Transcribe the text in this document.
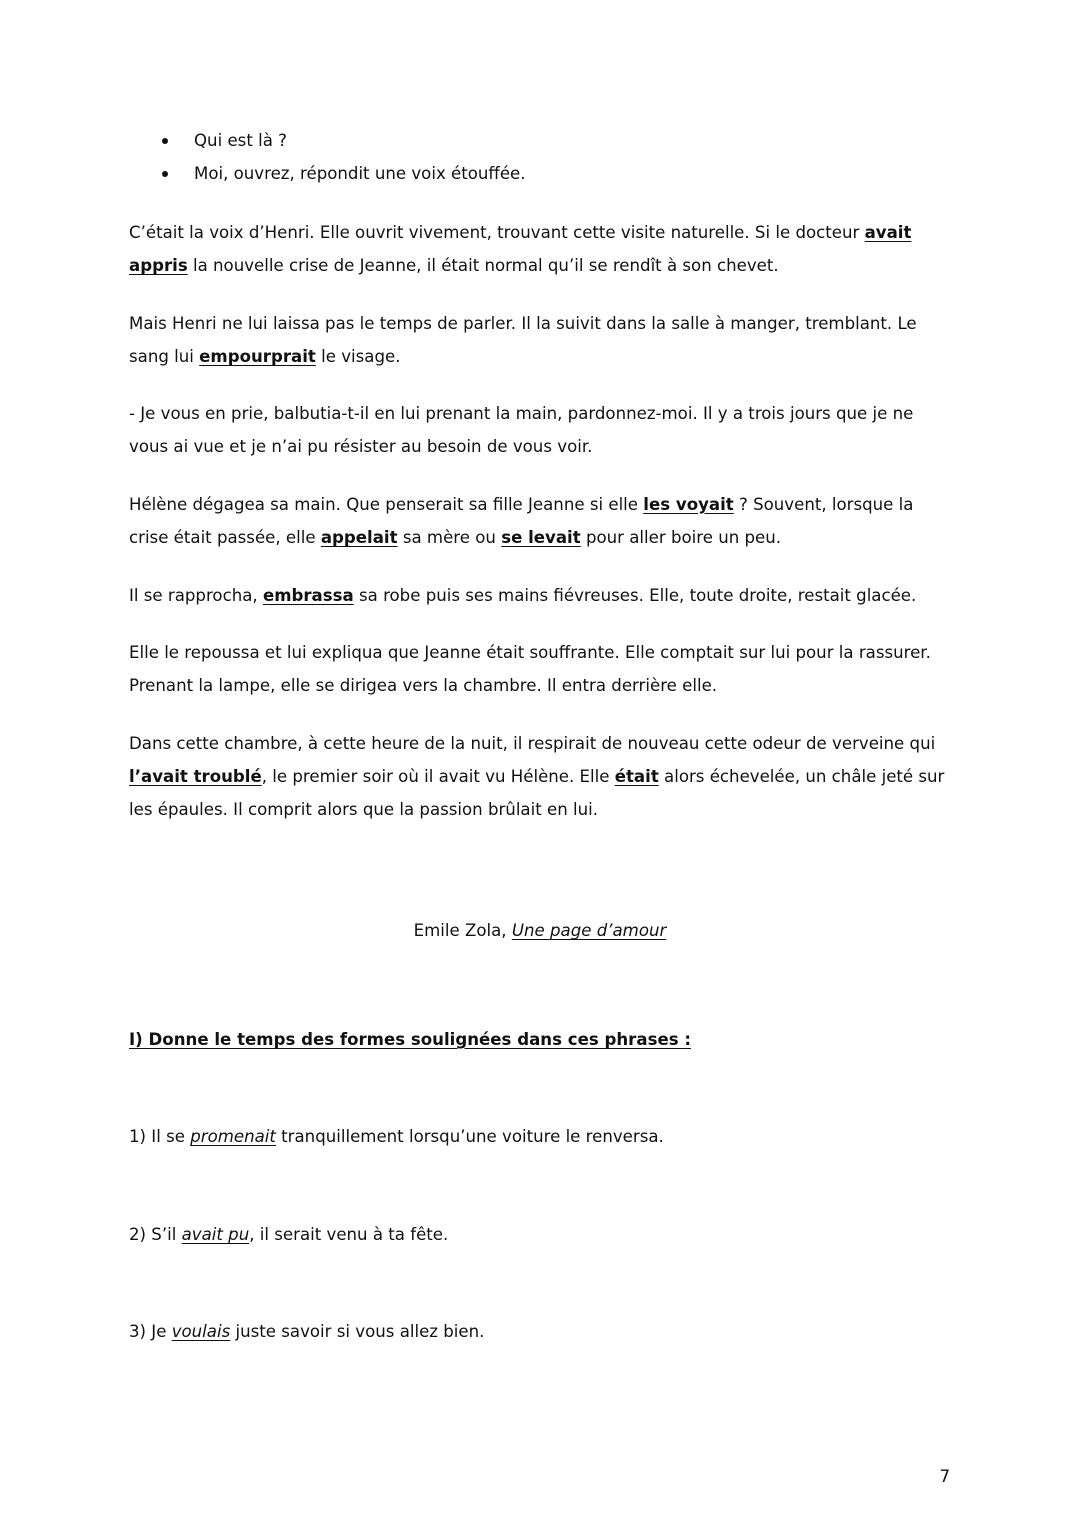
Qui est là ?
Moi, ouvrez, répondit une voix étouffée.

C’était la voix d’Henri. Elle ouvrit vivement, trouvant cette visite naturelle. Si le docteur avait appris la nouvelle crise de Jeanne, il était normal qu’il se rendît à son chevet.

Mais Henri ne lui laissa pas le temps de parler. Il la suivit dans la salle à manger, tremblant. Le sang lui empourprait le visage.

- Je vous en prie, balbutia-t-il en lui prenant la main, pardonnez-moi. Il y a trois jours que je ne vous ai vue et je n’ai pu résister au besoin de vous voir.

Hélène dégagea sa main. Que penserait sa fille Jeanne si elle les voyait ? Souvent, lorsque la crise était passée, elle appelait sa mère ou se levait pour aller boire un peu.

Il se rapprocha, embrassa sa robe puis ses mains fiévreuses. Elle, toute droite, restait glacée.

Elle le repoussa et lui expliqua que Jeanne était souffrante. Elle comptait sur lui pour la rassurer. Prenant la lampe, elle se dirigea vers la chambre. Il entra derrière elle.

Dans cette chambre, à cette heure de la nuit, il respirait de nouveau cette odeur de verveine qui l’avait troublé, le premier soir où il avait vu Hélène. Elle était alors échevelée, un châle jeté sur les épaules. Il comprit alors que la passion brûlait en lui.

Emile Zola, Une page d’amour
I) Donne le temps des formes soulignées dans ces phrases :
1) Il se promenait tranquillement lorsqu’une voiture le renversa.
2) S’il avait pu, il serait venu à ta fête.
3) Je voulais juste savoir si vous allez bien.
7
